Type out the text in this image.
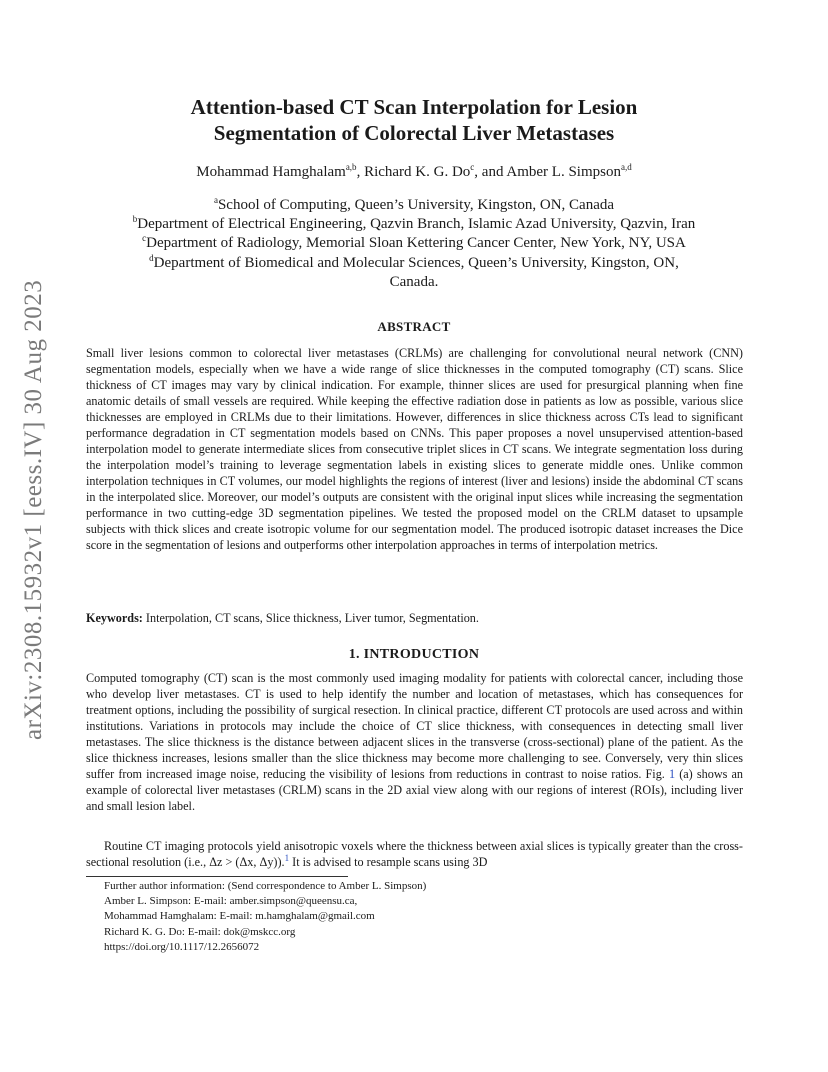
arXiv:2308.15932v1 [eess.IV] 30 Aug 2023
Attention-based CT Scan Interpolation for Lesion
Segmentation of Colorectal Liver Metastases
Mohammad Hamghalam$^{a,b}$, Richard K. G. Do$^c$, and Amber L. Simpson$^{a,d}$
$^a$School of Computing, Queen’s University, Kingston, ON, Canada
$^b$Department of Electrical Engineering, Qazvin Branch, Islamic Azad University, Qazvin, Iran
$^c$Department of Radiology, Memorial Sloan Kettering Cancer Center, New York, NY, USA
$^d$Department of Biomedical and Molecular Sciences, Queen’s University, Kingston, ON,
Canada.
ABSTRACT

Small liver lesions common to colorectal liver metastases (CRLMs) are challenging for convolutional neural network (CNN) segmentation models, especially when we have a wide range of slice thicknesses in the computed tomography (CT) scans. Slice thickness of CT images may vary by clinical indication. For example, thinner slices are used for presurgical planning when fine anatomic details of small vessels are required. While keeping the effective radiation dose in patients as low as possible, various slice thicknesses are employed in CRLMs due to their limitations. However, differences in slice thickness across CTs lead to significant performance degradation in CT segmentation models based on CNNs. This paper proposes a novel unsupervised attention-based interpolation model to generate intermediate slices from consecutive triplet slices in CT scans. We integrate segmentation loss during the interpolation model’s training to leverage segmentation labels in existing slices to generate middle ones. Unlike common interpolation techniques in CT volumes, our model highlights the regions of interest (liver and lesions) inside the abdominal CT scans in the interpolated slice. Moreover, our model’s outputs are consistent with the original input slices while increasing the segmentation performance in two cutting-edge 3D segmentation pipelines. We tested the proposed model on the CRLM dataset to upsample subjects with thick slices and create isotropic volume for our segmentation model. The produced isotropic dataset increases the Dice score in the segmentation of lesions and outperforms other interpolation approaches in terms of interpolation metrics.

Keywords: Interpolation, CT scans, Slice thickness, Liver tumor, Segmentation.
1. INTRODUCTION

Computed tomography (CT) scan is the most commonly used imaging modality for patients with colorectal cancer, including those who develop liver metastases. CT is used to help identify the number and location of metastases, which has consequences for treatment options, including the possibility of surgical resection. In clinical practice, different CT protocols are used across and within institutions. Variations in protocols may include the choice of CT slice thickness, with consequences in detecting small liver metastases. The slice thickness is the distance between adjacent slices in the transverse (cross-sectional) plane of the patient. As the slice thickness increases, lesions smaller than the slice thickness may become more challenging to see. Conversely, very thin slices suffer from increased image noise, reducing the visibility of lesions from reductions in contrast to noise ratios. Fig. 1 (a) shows an example of colorectal liver metastases (CRLM) scans in the 2D axial view along with our regions of interest (ROIs), including liver and small lesion label.

Routine CT imaging protocols yield anisotropic voxels where the thickness between axial slices is typically greater than the cross-sectional resolution (i.e., Δz > (Δx, Δy)).$^1$ It is advised to resample scans using 3D

Further author information: (Send correspondence to Amber L. Simpson)
Amber L. Simpson: E-mail: amber.simpson@queensu.ca,
Mohammad Hamghalam: E-mail: m.hamghalam@gmail.com
Richard K. G. Do: E-mail: dok@mskcc.org
https://doi.org/10.1117/12.2656072
